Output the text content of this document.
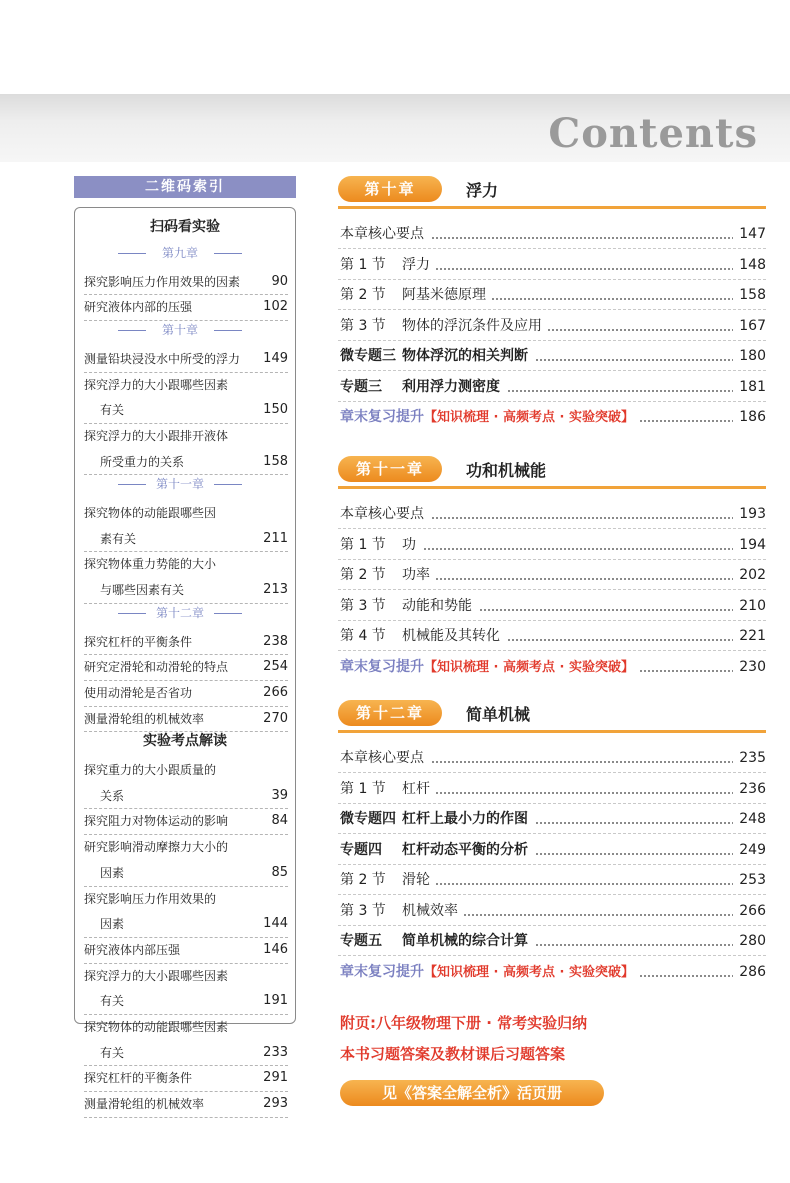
Contents
二维码索引
扫码看实验
第九章
探究影响压力作用效果的因素 90
研究液体内部的压强	102
第十章
测量铅块浸没水中所受的浮力 149
探究浮力的大小跟哪些因素
有关	150
探究浮力的大小跟排开液体
所受重力的关系	158
第十一章
探究物体的动能跟哪些因
素有关	211
探究物体重力势能的大小
与哪些因素有关	213
第十二章
探究杠杆的平衡条件	238
研究定滑轮和动滑轮的特点	254
使用动滑轮是否省功	266
测量滑轮组的机械效率	270
实验考点解读
探究重力的大小跟质量的
关系	39
探究阻力对物体运动的影响	84
研究影响滑动摩擦力大小的
因素	85
探究影响压力作用效果的
因素	144
研究液体内部压强	146
探究浮力的大小跟哪些因素
有关	191
探究物体的动能跟哪些因素
有关	233
探究杠杆的平衡条件	291
测量滑轮组的机械效率	293
第十章	浮力
本章核心要点	147
第 1 节 浮力	148
第 2 节 阿基米德原理	158
第 3 节 物体的浮沉条件及应用	167
微专题三 物体浮沉的相关判断	180
专题三 利用浮力测密度	181
章末复习提升【知识梳理 · 高频考点 · 实验突破】	186
第十一章	功和机械能
本章核心要点	193
第 1 节 功	194
第 2 节 功率	202
第 3 节 动能和势能	210
第 4 节 机械能及其转化	221
章末复习提升【知识梳理 · 高频考点 · 实验突破】	230
第十二章	简单机械
本章核心要点	235
第 1 节 杠杆	236
微专题四 杠杆上最小力的作图	248
专题四 杠杆动态平衡的分析	249
第 2 节 滑轮	253
第 3 节 机械效率	266
专题五 简单机械的综合计算	280
章末复习提升【知识梳理 · 高频考点 · 实验突破】	286
附页:八年级物理下册 · 常考实验归纳
本书习题答案及教材课后习题答案
见《答案全解全析》活页册
